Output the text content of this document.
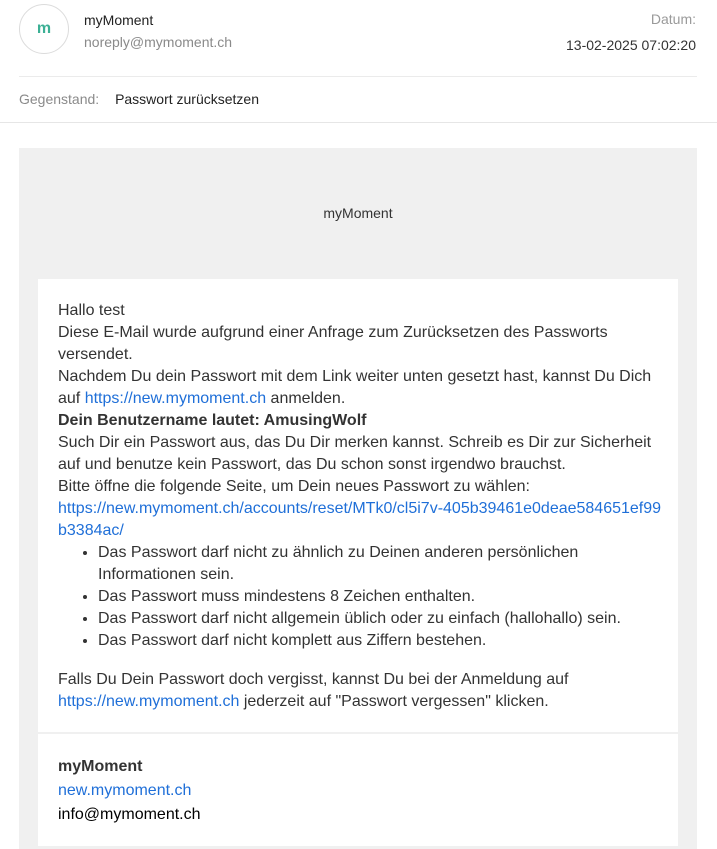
m myMoment
noreply@mymoment.ch
Datum:
13-02-2025 07:02:20
Gegenstand: Passwort zurücksetzen
myMoment

Hallo test

Diese E-Mail wurde aufgrund einer Anfrage zum Zurücksetzen des Passworts versendet.

Nachdem Du dein Passwort mit dem Link weiter unten gesetzt hast, kannst Du Dich auf https://new.mymoment.ch anmelden.

Dein Benutzername lautet: AmusingWolf

Such Dir ein Passwort aus, das Du Dir merken kannst. Schreib es Dir zur Sicherheit auf und benutze kein Passwort, das Du schon sonst irgendwo brauchst.

Bitte öffne die folgende Seite, um Dein neues Passwort zu wählen:

https://new.mymoment.ch/accounts/reset/MTk0/cl5i7v-405b39461e0deae584651ef99b3384ac/

• Das Passwort darf nicht zu ähnlich zu Deinen anderen persönlichen Informationen sein.
• Das Passwort muss mindestens 8 Zeichen enthalten.
• Das Passwort darf nicht allgemein üblich oder zu einfach (hallohallo) sein.
• Das Passwort darf nicht komplett aus Ziffern bestehen.

Falls Du Dein Passwort doch vergisst, kannst Du bei der Anmeldung auf https://new.mymoment.ch jederzeit auf "Passwort vergessen" klicken.

myMoment
new.mymoment.ch
info@mymoment.ch
